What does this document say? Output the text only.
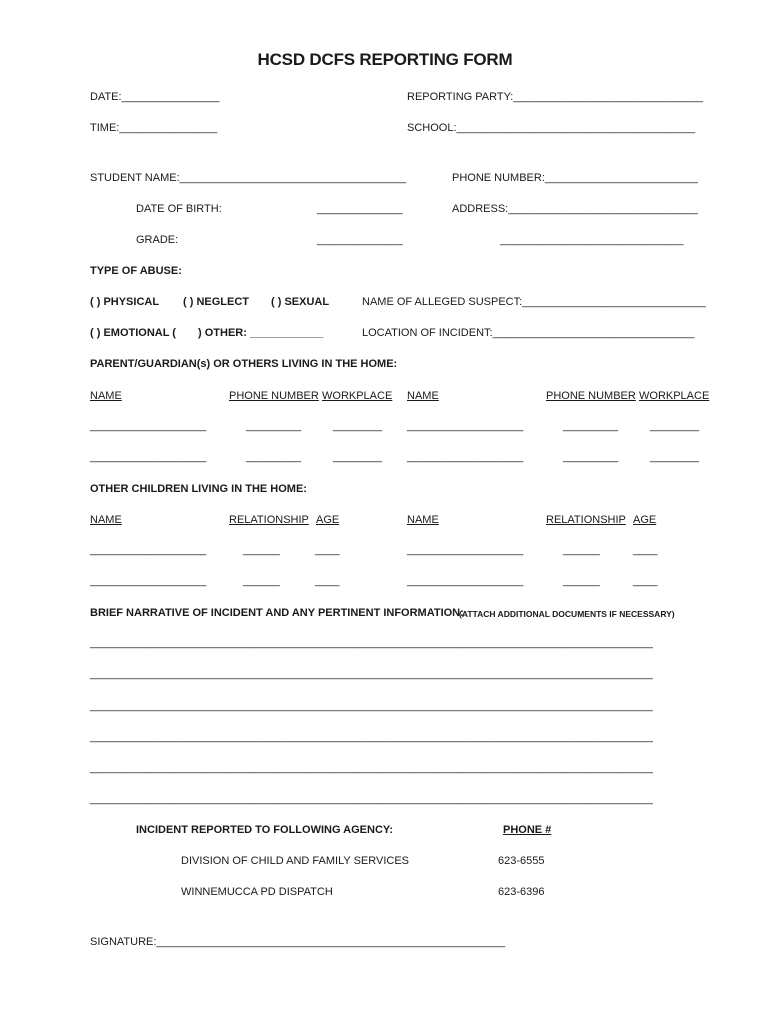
HCSD DCFS REPORTING FORM
DATE:________________	REPORTING PARTY:_______________________________
TIME:________________	SCHOOL:_______________________________________
STUDENT NAME:_____________________________________	PHONE NUMBER:_________________________
DATE OF BIRTH:	______________	ADDRESS:_______________________________
GRADE:	______________	______________________________
TYPE OF ABUSE:
( ) PHYSICAL ( ) NEGLECT ( ) SEXUAL	NAME OF ALLEGED SUSPECT:______________________________
( ) EMOTIONAL ( ) OTHER: ____________	LOCATION OF INCIDENT:_________________________________
PARENT/GUARDIAN(s) OR OTHERS LIVING IN THE HOME:
NAME	PHONE NUMBER WORKPLACE NAME	PHONE NUMBER WORKPLACE
___________________	_________	________ ___________________	_________	________
___________________	_________	________ ___________________	_________	________
OTHER CHILDREN LIVING IN THE HOME:
NAME	RELATIONSHIP AGE	NAME	RELATIONSHIP AGE
___________________	______	____	___________________	______	____
___________________	______	____	___________________	______	____
BRIEF NARRATIVE OF INCIDENT AND ANY PERTINENT INFORMATION:
(ATTACH ADDITIONAL DOCUMENTS IF NECESSARY)
____________________________________________________________________________________________
____________________________________________________________________________________________
____________________________________________________________________________________________
____________________________________________________________________________________________
____________________________________________________________________________________________
____________________________________________________________________________________________
INCIDENT REPORTED TO FOLLOWING AGENCY:	PHONE #
DIVISION OF CHILD AND FAMILY SERVICES	623-6555
WINNEMUCCA PD DISPATCH	623-6396
SIGNATURE:_________________________________________________________
